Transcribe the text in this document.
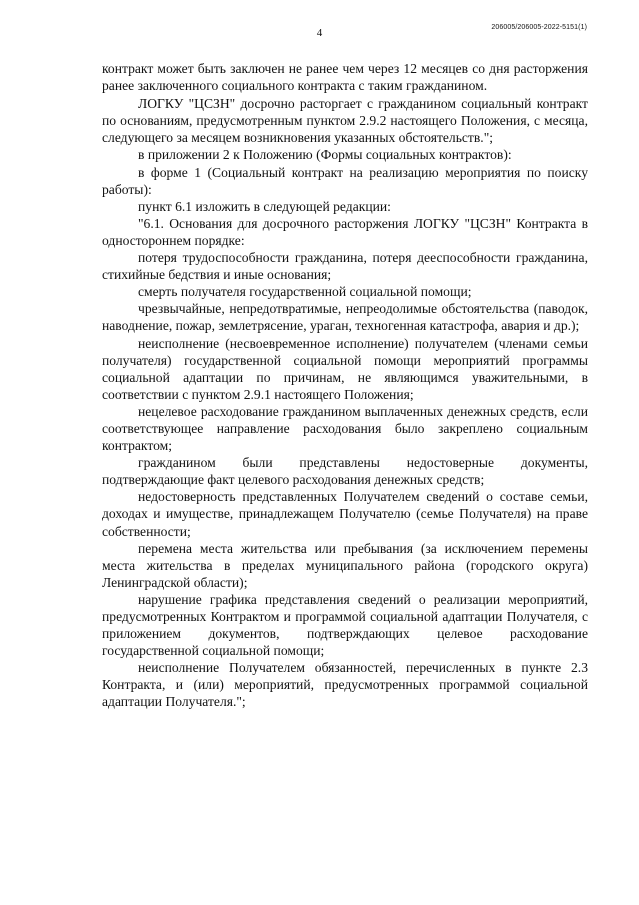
4	206005/206005-2022-5151(1)

контракт может быть заключен не ранее чем через 12 месяцев со дня расторжения ранее заключенного социального контракта с таким гражданином.

ЛОГКУ "ЦСЗН" досрочно расторгает с гражданином социальный контракт по основаниям, предусмотренным пунктом 2.9.2 настоящего Положения, с месяца, следующего за месяцем возникновения указанных обстоятельств.";

в приложении 2 к Положению (Формы социальных контрактов):

в форме 1 (Социальный контракт на реализацию мероприятия по поиску работы):

пункт 6.1 изложить в следующей редакции:

"6.1. Основания для досрочного расторжения ЛОГКУ "ЦСЗН" Контракта в одностороннем порядке:

потеря трудоспособности гражданина, потеря дееспособности гражданина, стихийные бедствия и иные основания;

смерть получателя государственной социальной помощи;

чрезвычайные, непредотвратимые, непреодолимые обстоятельства (паводок, наводнение, пожар, землетрясение, ураган, техногенная катастрофа, авария и др.);

неисполнение (несвоевременное исполнение) получателем (членами семьи получателя) государственной социальной помощи мероприятий программы социальной адаптации по причинам, не являющимся уважительными, в соответствии с пунктом 2.9.1 настоящего Положения;

нецелевое расходование гражданином выплаченных денежных средств, если соответствующее направление расходования было закреплено социальным контрактом;

гражданином были представлены недостоверные документы, подтверждающие факт целевого расходования денежных средств;

недостоверность представленных Получателем сведений о составе семьи, доходах и имуществе, принадлежащем Получателю (семье Получателя) на праве собственности;

перемена места жительства или пребывания (за исключением перемены места жительства в пределах муниципального района (городского округа) Ленинградской области);

нарушение графика представления сведений о реализации мероприятий, предусмотренных Контрактом и программой социальной адаптации Получателя, с приложением документов, подтверждающих целевое расходование государственной социальной помощи;

неисполнение Получателем обязанностей, перечисленных в пункте 2.3 Контракта, и (или) мероприятий, предусмотренных программой социальной адаптации Получателя.";
